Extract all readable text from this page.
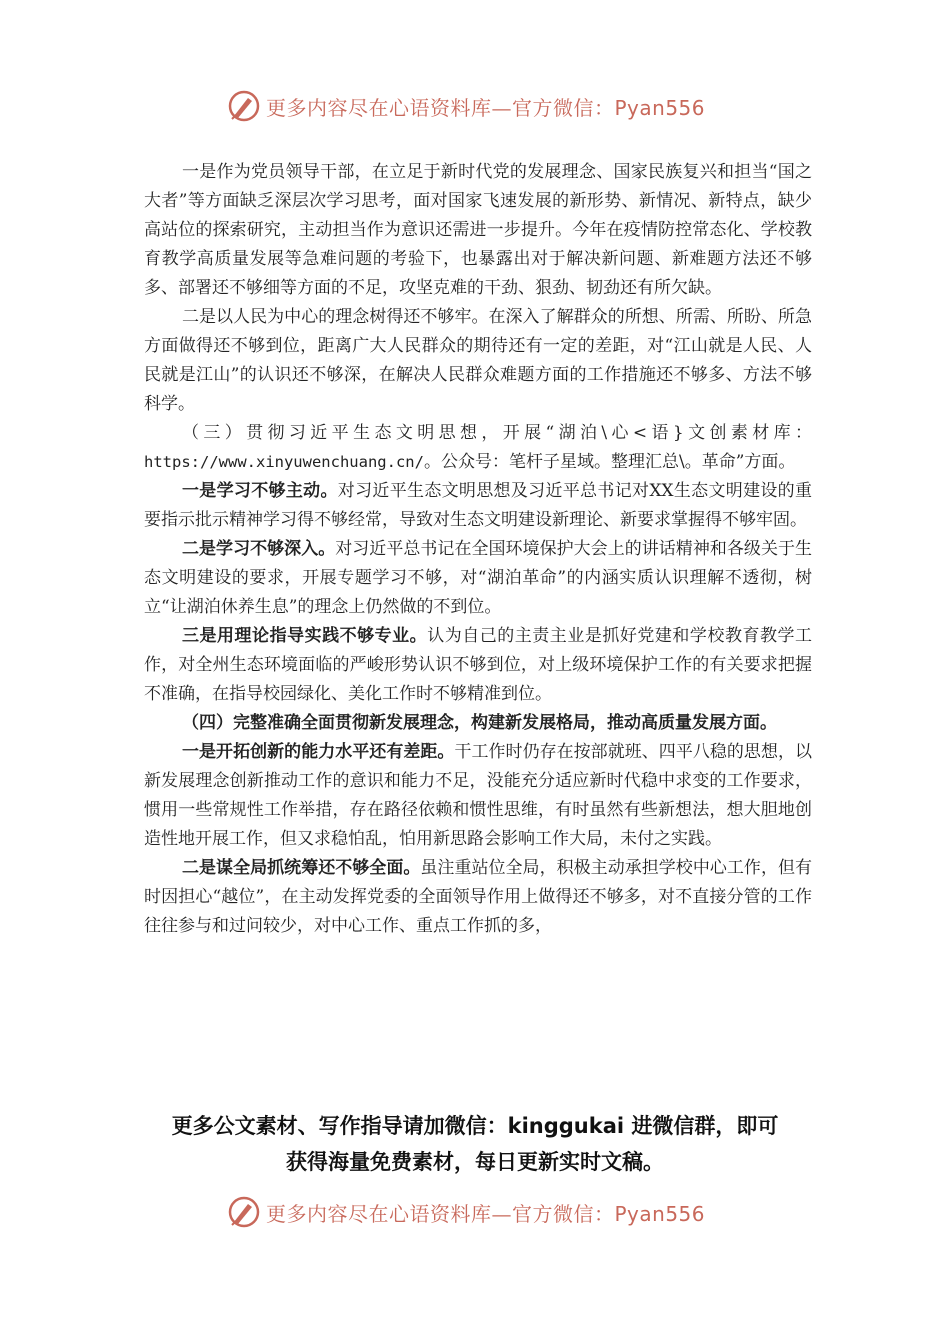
更多内容尽在心语资料库—官方微信：Pyan556

一是作为党员领导干部，在立足于新时代党的发展理念、国家民族复兴和担当“国之大者”等方面缺乏深层次学习思考，面对国家飞速发展的新形势、新情况、新特点，缺少高站位的探索研究，主动担当作为意识还需进一步提升。今年在疫情防控常态化、学校教育教学高质量发展等急难问题的考验下，也暴露出对于解决新问题、新难题方法还不够多、部署还不够细等方面的不足，攻坚克难的干劲、狠劲、韧劲还有所欠缺。

二是以人民为中心的理念树得还不够牢。在深入了解群众的所想、所需、所盼、所急方面做得还不够到位，距离广大人民群众的期待还有一定的差距，对“江山就是人民、人民就是江山”的认识还不够深，在解决人民群众难题方面的工作措施还不够多、方法不够科学。

（三）贯彻习近平生态文明思想，开展“湖泊\心<语}文创素材库：https://www.xinyuwenchuang.cn/。公众号：笔杆子星域。整理汇总\。革命”方面。

一是学习不够主动。对习近平生态文明思想及习近平总书记对XX生态文明建设的重要指示批示精神学习得不够经常，导致对生态文明建设新理论、新要求掌握得不够牢固。

二是学习不够深入。对习近平总书记在全国环境保护大会上的讲话精神和各级关于生态文明建设的要求，开展专题学习不够，对“湖泊革命”的内涵实质认识理解不透彻，树立“让湖泊休养生息”的理念上仍然做的不到位。

三是用理论指导实践不够专业。认为自己的主责主业是抓好党建和学校教育教学工作，对全州生态环境面临的严峻形势认识不够到位，对上级环境保护工作的有关要求把握不准确，在指导校园绿化、美化工作时不够精准到位。

（四）完整准确全面贯彻新发展理念，构建新发展格局，推动高质量发展方面。

一是开拓创新的能力水平还有差距。干工作时仍存在按部就班、四平八稳的思想，以新发展理念创新推动工作的意识和能力不足，没能充分适应新时代稳中求变的工作要求，惯用一些常规性工作举措，存在路径依赖和惯性思维，有时虽然有些新想法，想大胆地创造性地开展工作，但又求稳怕乱，怕用新思路会影响工作大局，未付之实践。

二是谋全局抓统筹还不够全面。虽注重站位全局，积极主动承担学校中心工作，但有时因担心“越位”，在主动发挥党委的全面领导作用上做得还不够多，对不直接分管的工作往往参与和过问较少，对中心工作、重点工作抓的多，

更多公文素材、写作指导请加微信：kinggukai 进微信群，即可
获得海量免费素材，每日更新实时文稿。
更多内容尽在心语资料库—官方微信：Pyan556
